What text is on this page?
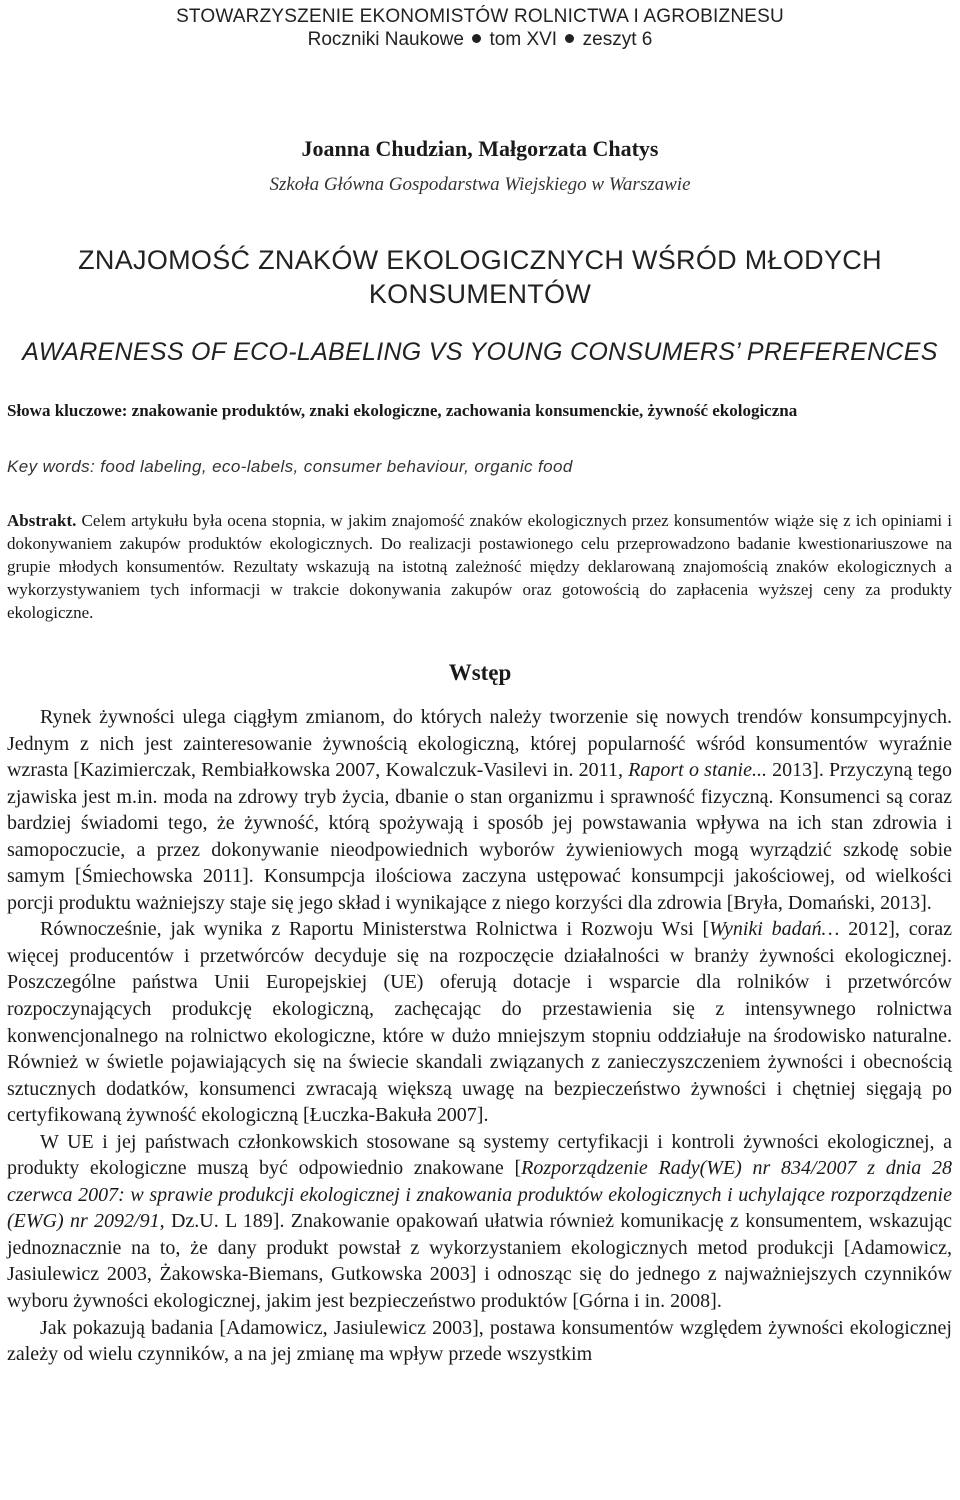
STOWARZYSZENIE EKONOMISTÓW ROLNICTWA I AGROBIZNESU
Roczniki Naukowe tom XVI zeszyt 6
Joanna Chudzian, Małgorzata Chatys
Szkoła Główna Gospodarstwa Wiejskiego w Warszawie
ZNAJOMOŚĆ ZNAKÓW EKOLOGICZNYCH WŚRÓD MŁODYCH KONSUMENTÓW
AWARENESS OF ECO-LABELING VS YOUNG CONSUMERS’ PREFERENCES
Słowa kluczowe: znakowanie produktów, znaki ekologiczne, zachowania konsumenckie, żywność ekologiczna
Key words: food labeling, eco-labels, consumer behaviour, organic food
Abstrakt. Celem artykułu była ocena stopnia, w jakim znajomość znaków ekologicznych przez konsumentów wiąże się z ich opiniami i dokonywaniem zakupów produktów ekologicznych. Do realizacji postawionego celu przeprowadzono badanie kwestionariuszowe na grupie młodych konsumentów. Rezultaty wskazują na istotną zależność między deklarowaną znajomością znaków ekologicznych a wykorzystywaniem tych informacji w trakcie dokonywania zakupów oraz gotowością do zapłacenia wyższej ceny za produkty ekologiczne.
Wstęp

Rynek żywności ulega ciągłym zmianom, do których należy tworzenie się nowych trendów konsumpcyjnych. Jednym z nich jest zainteresowanie żywnością ekologiczną, której popularność wśród konsumentów wyraźnie wzrasta [Kazimierczak, Rembiałkowska 2007, Kowalczuk-Vasilevi in. 2011, Raport o stanie... 2013]. Przyczyną tego zjawiska jest m.in. moda na zdrowy tryb życia, dbanie o stan organizmu i sprawność fizyczną. Konsumenci są coraz bardziej świadomi tego, że żywność, którą spożywają i sposób jej powstawania wpływa na ich stan zdrowia i samopoczucie, a przez dokonywanie nieodpowiednich wyborów żywieniowych mogą wyrządzić szkodę sobie samym [Śmiechowska 2011]. Konsumpcja ilościowa zaczyna ustępować konsumpcji jakościowej, od wielkości porcji produktu ważniejszy staje się jego skład i wynikające z niego korzyści dla zdrowia [Bryła, Domański, 2013].

Równocześnie, jak wynika z Raportu Ministerstwa Rolnictwa i Rozwoju Wsi [Wyniki badań… 2012], coraz więcej producentów i przetwórców decyduje się na rozpoczęcie działalności w branży żywności ekologicznej. Poszczególne państwa Unii Europejskiej (UE) oferują dotacje i wsparcie dla rolników i przetwórców rozpoczynających produkcję ekologiczną, zachęcając do przestawienia się z intensywnego rolnictwa konwencjonalnego na rolnictwo ekologiczne, które w dużo mniejszym stopniu oddziałuje na środowisko naturalne. Również w świetle pojawiających się na świecie skandali związanych z zanieczyszczeniem żywności i obecnością sztucznych dodatków, konsumenci zwracają większą uwagę na bezpieczeństwo żywności i chętniej sięgają po certyfikowaną żywność ekologiczną [Łuczka-Bakuła 2007].

W UE i jej państwach członkowskich stosowane są systemy certyfikacji i kontroli żywności ekologicznej, a produkty ekologiczne muszą być odpowiednio znakowane [Rozporządzenie Rady(WE) nr 834/2007 z dnia 28 czerwca 2007: w sprawie produkcji ekologicznej i znakowania produktów ekologicznych i uchylające rozporządzenie (EWG) nr 2092/91, Dz.U. L 189]. Znakowanie opakowań ułatwia również komunikację z konsumentem, wskazując jednoznacznie na to, że dany produkt powstał z wykorzystaniem ekologicznych metod produkcji [Adamowicz, Jasiulewicz 2003, Żakowska-Biemans, Gutkowska 2003] i odnosząc się do jednego z najważniejszych czynników wyboru żywności ekologicznej, jakim jest bezpieczeństwo produktów [Górna i in. 2008].

Jak pokazują badania [Adamowicz, Jasiulewicz 2003], postawa konsumentów względem żywności ekologicznej zależy od wielu czynników, a na jej zmianę ma wpływ przede wszystkim
